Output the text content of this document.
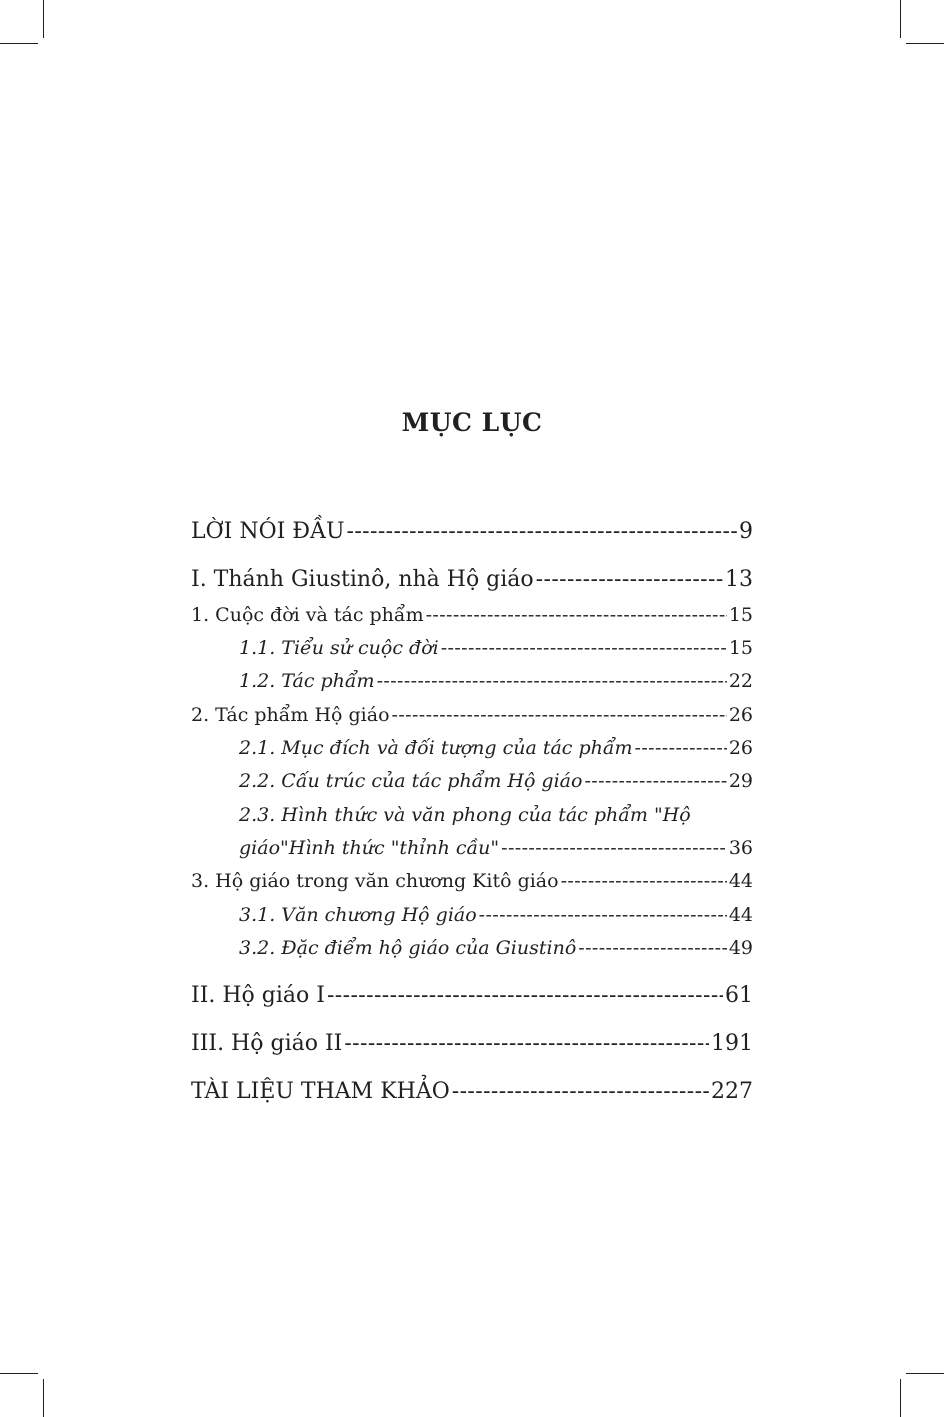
MỤC LỤC
LỜI NÓI ĐẦU -----	9
I. Thánh Giustinô, nhà Hộ giáo -----	13
1. Cuộc đời và tác phẩm -----	15
1.1. Tiểu sử cuộc đời -----	15
1.2. Tác phẩm -----	22
2. Tác phẩm Hộ giáo -----	26
2.1. Mục đích và đối tượng của tác phẩm -----	26
2.2. Cấu trúc của tác phẩm Hộ giáo -----	29
2.3. Hình thức và văn phong của tác phẩm "Hộ
giáo"Hình thức "thỉnh cầu" -----	36
3. Hộ giáo trong văn chương Kitô giáo -----	44
3.1. Văn chương Hộ giáo -----	44
3.2. Đặc điểm hộ giáo của Giustinô -----	49
II. Hộ giáo I -----	61
III. Hộ giáo II -----	191
TÀI LIỆU THAM KHẢO -----	227
